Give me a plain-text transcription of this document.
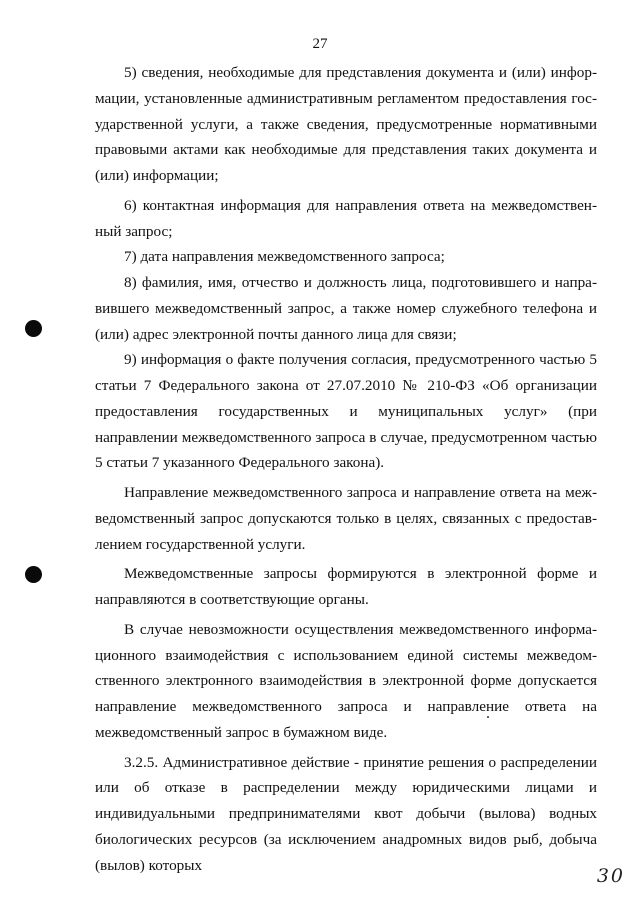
27

5) сведения, необходимые для представления документа и (или) информации, установленные административным регламентом предоставления государственной услуги, а также сведения, предусмотренные нормативными правовыми актами как необходимые для представления таких документа и (или) информации;

6) контактная информация для направления ответа на межведомственный запрос;

7) дата направления межведомственного запроса;

8) фамилия, имя, отчество и должность лица, подготовившего и направившего межведомственный запрос, а также номер служебного телефона и (или) адрес электронной почты данного лица для связи;

9) информация о факте получения согласия, предусмотренного частью 5 статьи 7 Федерального закона от 27.07.2010 № 210-ФЗ «Об организации предоставления государственных и муниципальных услуг» (при направлении межведомственного запроса в случае, предусмотренном частью 5 статьи 7 указанного Федерального закона).

Направление межведомственного запроса и направление ответа на межведомственный запрос допускаются только в целях, связанных с предоставлением государственной услуги.

Межведомственные запросы формируются в электронной форме и направляются в соответствующие органы.

В случае невозможности осуществления межведомственного информационного взаимодействия с использованием единой системы межведомственного электронного взаимодействия в электронной форме допускается направление межведомственного запроса и направление ответа на межведомственный запрос в бумажном виде.

3.2.5. Административное действие - принятие решения о распределении или об отказе в распределении между юридическими лицами и индивидуальными предпринимателями квот добычи (вылова) водных биологических ресурсов (за исключением анадромных видов рыб, добыча (вылов) которых	30
